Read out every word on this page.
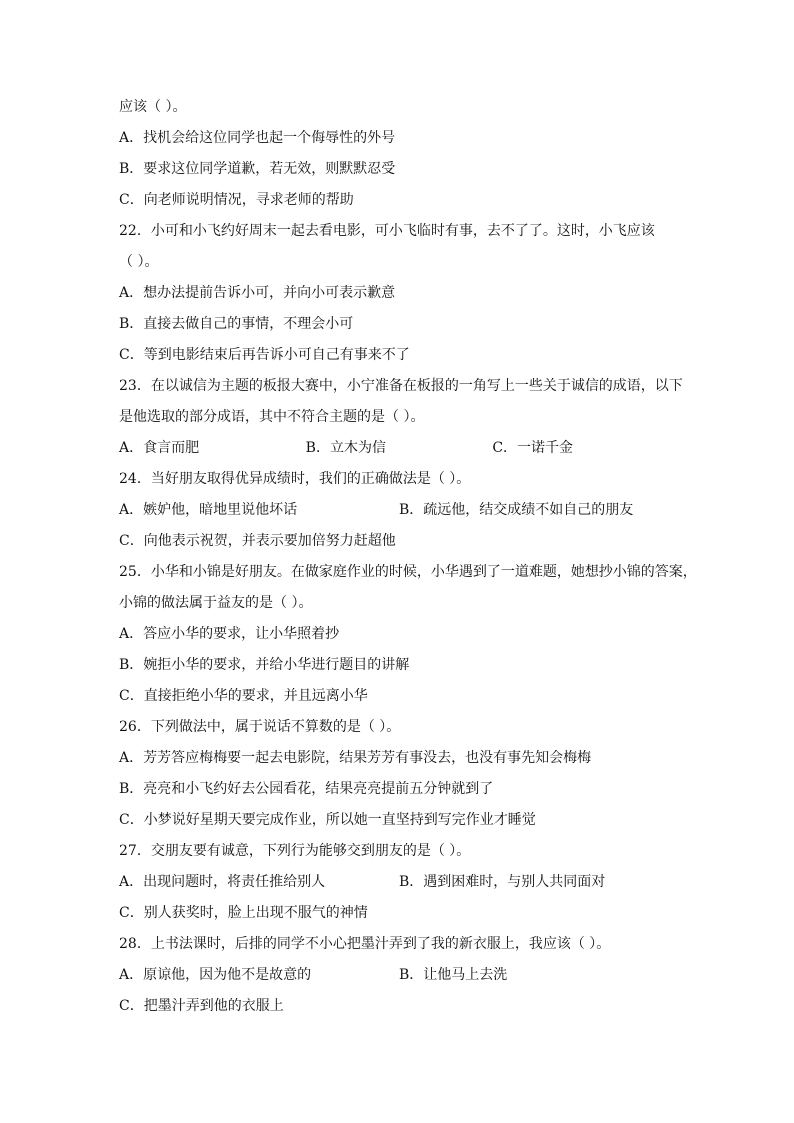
应该（ ）。
A．找机会给这位同学也起一个侮辱性的外号
B．要求这位同学道歉，若无效，则默默忍受
C．向老师说明情况，寻求老师的帮助
22．小可和小飞约好周末一起去看电影，可小飞临时有事，去不了了。这时，小飞应该
（ ）。
A．想办法提前告诉小可，并向小可表示歉意
B．直接去做自己的事情，不理会小可
C．等到电影结束后再告诉小可自己有事来不了
23．在以诚信为主题的板报大赛中，小宁准备在板报的一角写上一些关于诚信的成语，以下
是他选取的部分成语，其中不符合主题的是（ ）。
A．食言而肥	B．立木为信	C．一诺千金
24．当好朋友取得优异成绩时，我们的正确做法是（ ）。
A．嫉妒他，暗地里说他坏话	B．疏远他，结交成绩不如自己的朋友
C．向他表示祝贺，并表示要加倍努力赶超他
25．小华和小锦是好朋友。在做家庭作业的时候，小华遇到了一道难题，她想抄小锦的答案，
小锦的做法属于益友的是（ ）。
A．答应小华的要求，让小华照着抄
B．婉拒小华的要求，并给小华进行题目的讲解
C．直接拒绝小华的要求，并且远离小华
26．下列做法中，属于说话不算数的是（ ）。
A．芳芳答应梅梅要一起去电影院，结果芳芳有事没去，也没有事先知会梅梅
B．亮亮和小飞约好去公园看花，结果亮亮提前五分钟就到了
C．小梦说好星期天要完成作业，所以她一直坚持到写完作业才睡觉
27．交朋友要有诚意，下列行为能够交到朋友的是（ ）。
A．出现问题时，将责任推给别人	B．遇到困难时，与别人共同面对
C．别人获奖时，脸上出现不服气的神情
28．上书法课时，后排的同学不小心把墨汁弄到了我的新衣服上，我应该（ ）。
A．原谅他，因为他不是故意的	B．让他马上去洗
C．把墨汁弄到他的衣服上
